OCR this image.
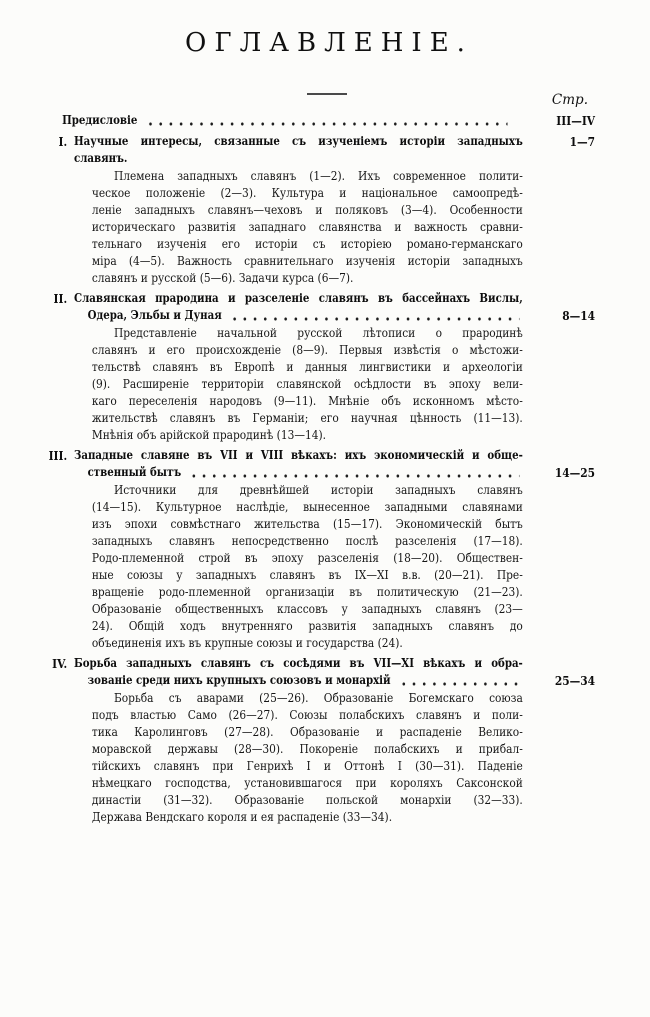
ОГЛАВЛЕНІЕ.
Стр.
Предисловіе	III—IV
I. Научные интересы, связанные съ изученіемъ исторіи западныхъ славянъ.
Племена западныхъ славянъ (1—2). Ихъ современное полити-
ческое положеніе (2—3). Культура и національное самоопредѣ-
леніе западныхъ славянъ—чеховъ и поляковъ (3—4). Особенности
историческаго развитія западнаго славянства и важность сравни-
тельнаго изученія его исторіи съ исторіею романо-германскаго
міра (4—5). Важность сравнительнаго изученія исторіи западныхъ
славянъ и русской (5—6). Задачи курса (6—7).
1—7
II. Славянская прародина и разселеніе славянъ въ бассейнахъ Вислы,
Одера, Эльбы и Дуная
Представленіе начальной русской лѣтописи о прародинѣ
славянъ и его происхожденіе (8—9). Первыя извѣстія о мѣстожи-
тельствѣ славянъ въ Европѣ и данныя лингвистики и археологіи
(9). Расширеніе территоріи славянской осѣдлости въ эпоху вели-
каго переселенія народовъ (9—11). Мнѣніе объ исконномъ мѣсто-
жительствѣ славянъ въ Германіи; его научная цѣнность (11—13).
Мнѣнія объ арійской прародинѣ (13—14).
8—14
III. Западные славяне въ VII и VIII вѣкахъ: ихъ экономическій и обще-
ственный бытъ
Источники для древнѣйшей исторіи западныхъ славянъ
(14—15). Культурное наслѣдіе, вынесенное западными славянами
изъ эпохи совмѣстнаго жительства (15—17). Экономическій бытъ
западныхъ славянъ непосредственно послѣ разселенія (17—18).
Родо-племенной строй въ эпоху разселенія (18—20). Обществен-
ные союзы у западныхъ славянъ въ IX—XI в.в. (20—21). Пре-
вращеніе родо-племенной организаціи въ политическую (21—23).
Образованіе общественныхъ классовъ у западныхъ славянъ (23—
24). Общій ходъ внутренняго развитія западныхъ славянъ до
объединенія ихъ въ крупные союзы и государства (24).
14—25
IV. Борьба западныхъ славянъ съ сосѣдями въ VII—XI вѣкахъ и обра-
зованіе среди нихъ крупныхъ союзовъ и монархій
Борьба съ аварами (25—26). Образованіе Богемскаго союза
подъ властью Само (26—27). Союзы полабскихъ славянъ и поли-
тика Каролинговъ (27—28). Образованіе и распаденіе Велико-
моравской державы (28—30). Покореніе полабскихъ и прибал-
тійскихъ славянъ при Генрихѣ I и Оттонѣ I (30—31). Паденіе
нѣмецкаго господства, установившагося при короляхъ Саксонской
династіи (31—32). Образованіе польской монархіи (32—33).
Держава Вендскаго короля и ея распаденіе (33—34).
25—34
